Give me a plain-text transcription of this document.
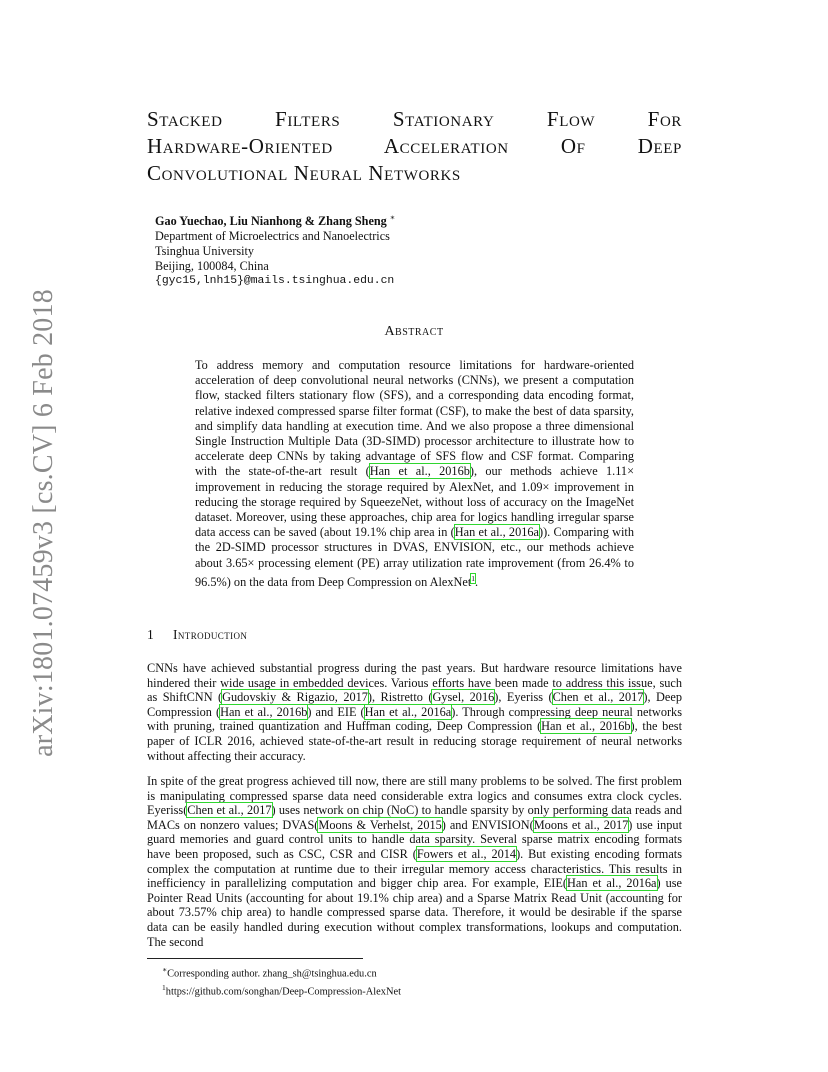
arXiv:1801.07459v3 [cs.CV] 6 Feb 2018
Stacked Filters Stationary Flow For
Hardware-Oriented Acceleration Of Deep
Convolutional Neural Networks
Gao Yuechao, Liu Nianhong & Zhang Sheng ∗
Department of Microelectrics and Nanoelectrics
Tsinghua University
Beijing, 100084, China
{gyc15,lnh15}@mails.tsinghua.edu.cn
Abstract

To address memory and computation resource limitations for hardware-oriented acceleration of deep convolutional neural networks (CNNs), we present a computation flow, stacked filters stationary flow (SFS), and a corresponding data encoding format, relative indexed compressed sparse filter format (CSF), to make the best of data sparsity, and simplify data handling at execution time. And we also propose a three dimensional Single Instruction Multiple Data (3D-SIMD) processor architecture to illustrate how to accelerate deep CNNs by taking advantage of SFS flow and CSF format. Comparing with the state-of-the-art result (Han et al., 2016b), our methods achieve 1.11× improvement in reducing the storage required by AlexNet, and 1.09× improvement in reducing the storage required by SqueezeNet, without loss of accuracy on the ImageNet dataset. Moreover, using these approaches, chip area for logics handling irregular sparse data access can be saved (about 19.1% chip area in (Han et al., 2016a)). Comparing with the 2D-SIMD processor structures in DVAS, ENVISION, etc., our methods achieve about 3.65× processing element (PE) array utilization rate improvement (from 26.4% to 96.5%) on the data from Deep Compression on AlexNet$^1$.

1 Introduction

CNNs have achieved substantial progress during the past years. But hardware resource limitations have hindered their wide usage in embedded devices. Various efforts have been made to address this issue, such as ShiftCNN (Gudovskiy & Rigazio, 2017), Ristretto (Gysel, 2016), Eyeriss (Chen et al., 2017), Deep Compression (Han et al., 2016b) and EIE (Han et al., 2016a). Through compressing deep neural networks with pruning, trained quantization and Huffman coding, Deep Compression (Han et al., 2016b), the best paper of ICLR 2016, achieved state-of-the-art result in reducing storage requirement of neural networks without affecting their accuracy.

In spite of the great progress achieved till now, there are still many problems to be solved. The first problem is manipulating compressed sparse data need considerable extra logics and consumes extra clock cycles. Eyeriss(Chen et al., 2017) uses network on chip (NoC) to handle sparsity by only performing data reads and MACs on nonzero values; DVAS(Moons & Verhelst, 2015) and ENVISION(Moons et al., 2017) use input guard memories and guard control units to handle data sparsity. Several sparse matrix encoding formats have been proposed, such as CSC, CSR and CISR (Fowers et al., 2014). But existing encoding formats complex the computation at runtime due to their irregular memory access characteristics. This results in inefficiency in parallelizing computation and bigger chip area. For example, EIE(Han et al., 2016a) use Pointer Read Units (accounting for about 19.1% chip area) and a Sparse Matrix Read Unit (accounting for about 73.57% chip area) to handle compressed sparse data. Therefore, it would be desirable if the sparse data can be easily handled during execution without complex transformations, lookups and computation. The second

∗Corresponding author. zhang_sh@tsinghua.edu.cn
$^1$https://github.com/songhan/Deep-Compression-AlexNet
